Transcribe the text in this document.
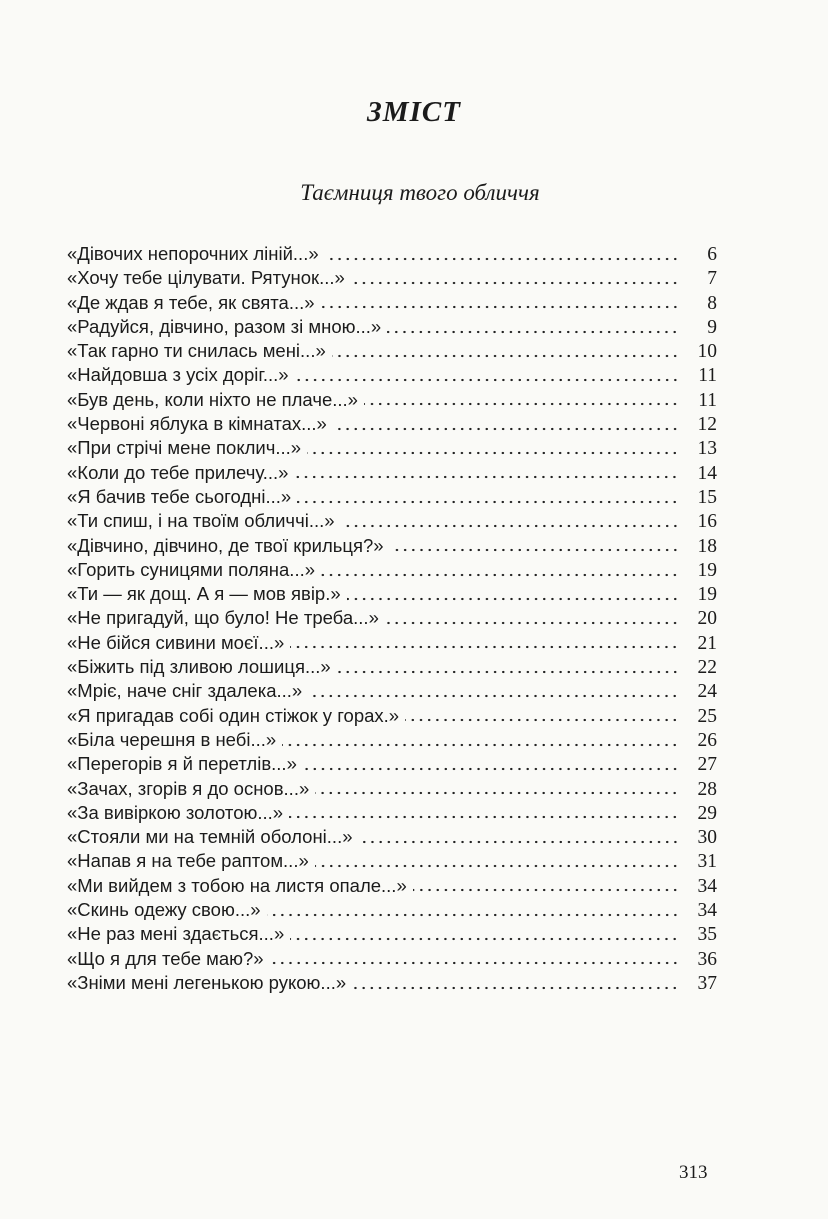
ЗМІСТ
Таємниця твого обличчя
«Дівочих непорочних ліній...»	6
«Хочу тебе цілувати. Рятунок...»	7
«Де ждав я тебе, як свята...»	8
«Радуйся, дівчино, разом зі мною...»	9
«Так гарно ти снилась мені...»	10
«Найдовша з усіх доріг...»	11
«Був день, коли ніхто не плаче...»	11
«Червоні яблука в кімнатах...»	12
«При стрічі мене поклич...»	13
«Коли до тебе прилечу...»	14
«Я бачив тебе сьогодні...»	15
«Ти спиш, і на твоїм обличчі...»	16
«Дівчино, дівчино, де твої крильця?»	18
«Горить суницями поляна...»	19
«Ти — як дощ. А я — мов явір.»	19
«Не пригадуй, що було! Не треба...»	20
«Не бійся сивини моєї...»	21
«Біжить під зливою лошиця...»	22
«Мріє, наче сніг здалека...»	24
«Я пригадав собі один стіжок у горах.»	25
«Біла черешня в небі...»	26
«Перегорів я й перетлів...»	27
«Зачах, згорів я до основ...»	28
«За вивіркою золотою...»	29
«Стояли ми на темній оболоні...»	30
«Напав я на тебе раптом...»	31
«Ми вийдем з тобою на листя опале...»	34
«Скинь одежу свою...»	34
«Не раз мені здається...»	35
«Що я для тебе маю?»	36
«Зніми мені легенькою рукою...»	37
313
